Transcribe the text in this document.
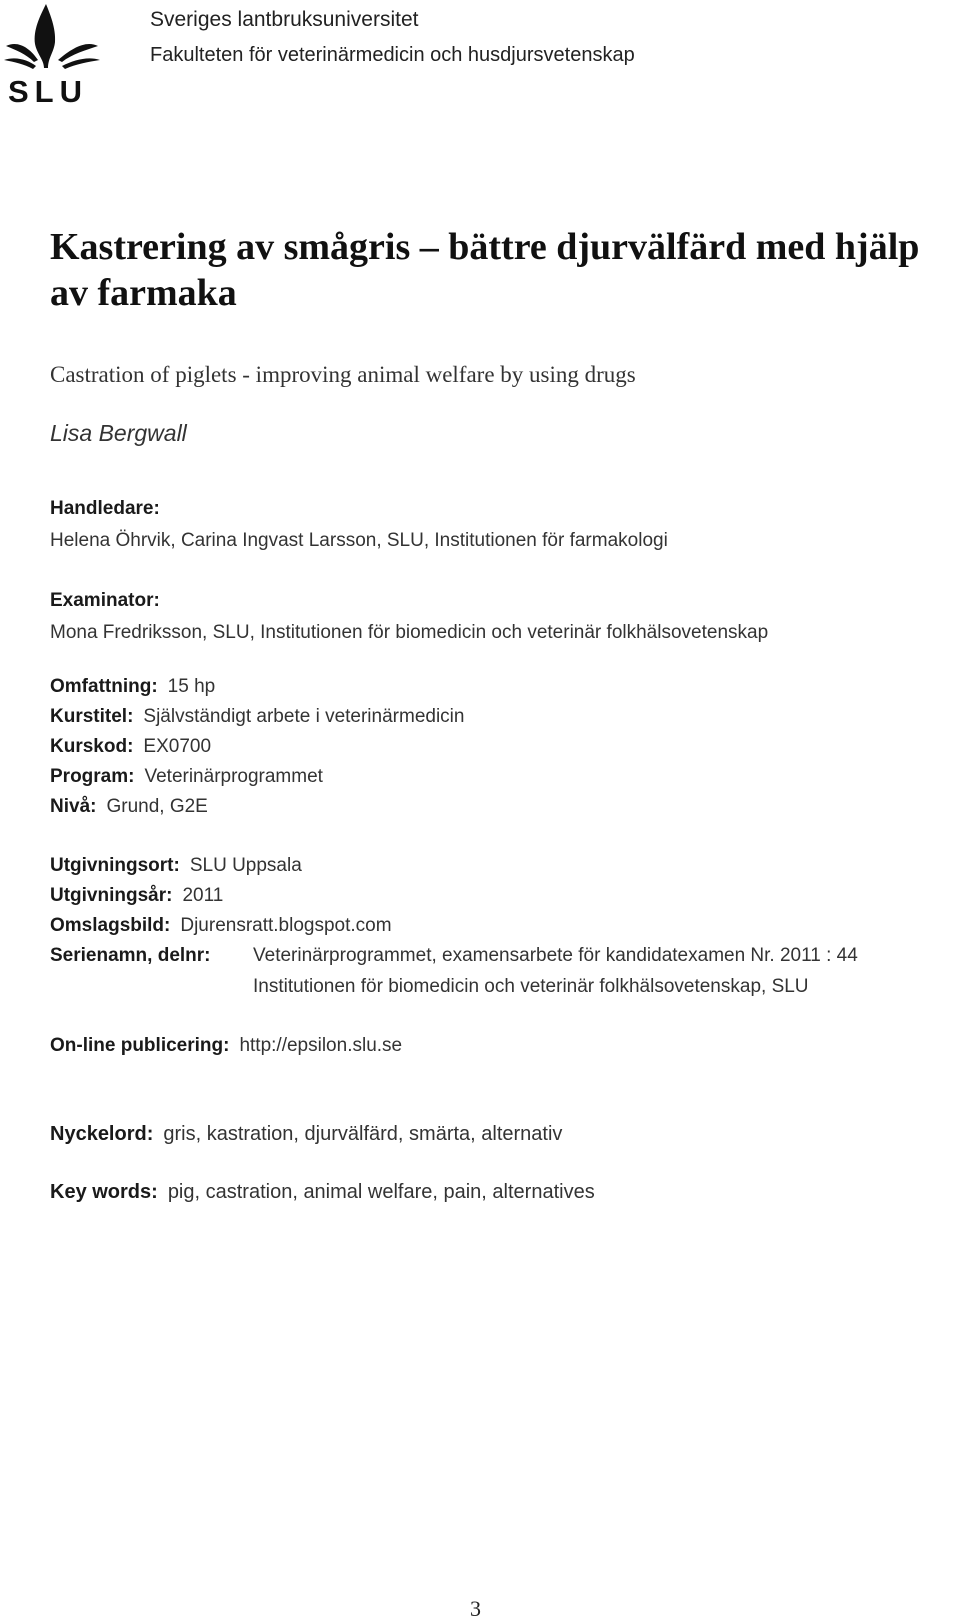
SLU
Sveriges lantbruksuniversitet
Fakulteten för veterinärmedicin och husdjursvetenskap
Kastrering av smågris – bättre djurvälfärd med hjälp
av farmaka
Castration of piglets - improving animal welfare by using drugs
Lisa Bergwall
Handledare:
Helena Öhrvik, Carina Ingvast Larsson, SLU, Institutionen för farmakologi
Examinator:
Mona Fredriksson, SLU, Institutionen för biomedicin och veterinär folkhälsovetenskap
Omfattning: 15 hp
Kurstitel: Självständigt arbete i veterinärmedicin
Kurskod: EX0700
Program: Veterinärprogrammet
Nivå: Grund, G2E
Utgivningsort: SLU Uppsala
Utgivningsår: 2011
Omslagsbild: Djurensratt.blogspot.com
Serienamn, delnr: Veterinärprogrammet, examensarbete för kandidatexamen Nr. 2011 : 44
Institutionen för biomedicin och veterinär folkhälsovetenskap, SLU
On-line publicering: http://epsilon.slu.se
Nyckelord: gris, kastration, djurvälfärd, smärta, alternativ
Key words: pig, castration, animal welfare, pain, alternatives
3
